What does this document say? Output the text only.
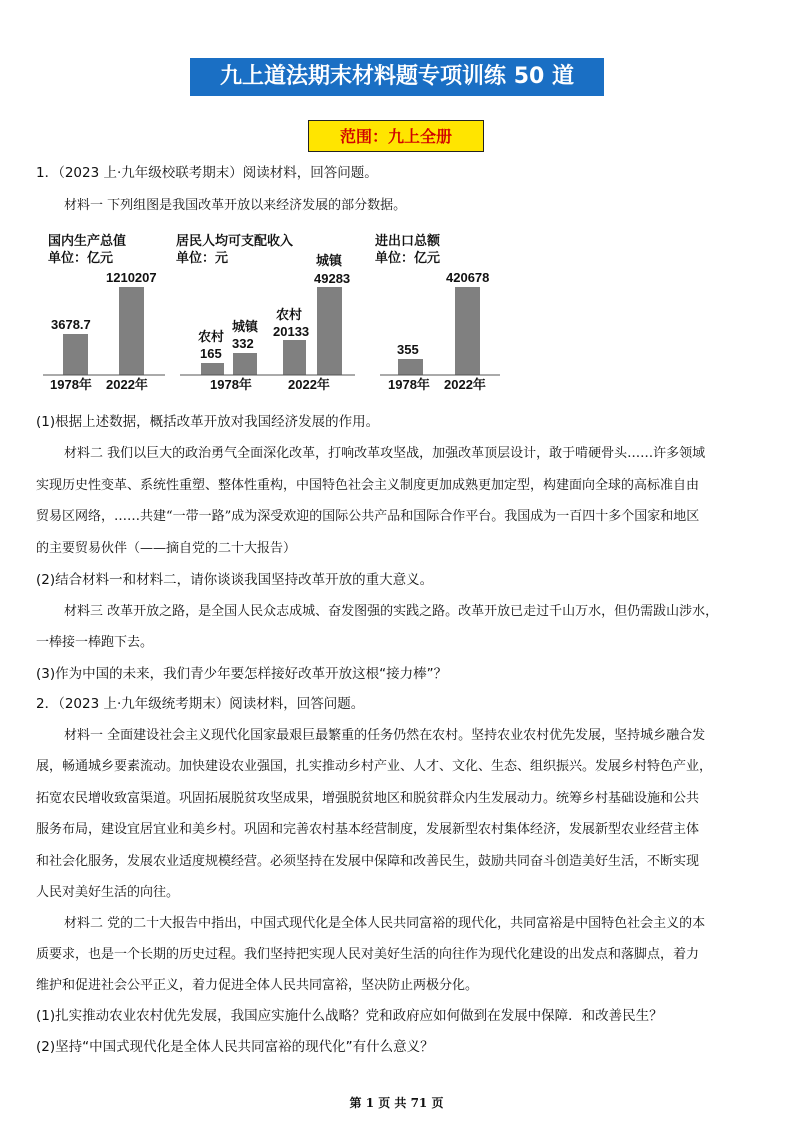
九上道法期末材料题专项训练 50 道
范围：九上全册
1．（2023 上·九年级校联考期末）阅读材料，回答问题。
材料一 下列组图是我国改革开放以来经济发展的部分数据。
国内生产总值
单位：亿元
3678.7
1210207
1978年 2022年
居民人均可支配收入
单位：元
农村
165
城镇
332
农村
20133
城镇
49283
1978年	2022年
进出口总额
单位：亿元
355
420678
1978年 2022年
(1)根据上述数据，概括改革开放对我国经济发展的作用。
材料二 我们以巨大的政治勇气全面深化改革，打响改革攻坚战，加强改革顶层设计，敢于啃硬骨头……许多领域
实现历史性变革、系统性重塑、整体性重构，中国特色社会主义制度更加成熟更加定型，构建面向全球的高标准自由
贸易区网络，……共建“一带一路”成为深受欢迎的国际公共产品和国际合作平台。我国成为一百四十多个国家和地区
的主要贸易伙伴（——摘自党的二十大报告）
(2)结合材料一和材料二，请你谈谈我国坚持改革开放的重大意义。
材料三 改革开放之路，是全国人民众志成城、奋发图强的实践之路。改革开放已走过千山万水，但仍需跋山涉水，
一棒接一棒跑下去。
(3)作为中国的未来，我们青少年要怎样接好改革开放这根“接力棒”？
2．（2023 上·九年级统考期末）阅读材料，回答问题。
材料一 全面建设社会主义现代化国家最艰巨最繁重的任务仍然在农村。坚持农业农村优先发展，坚持城乡融合发
展，畅通城乡要素流动。加快建设农业强国，扎实推动乡村产业、人才、文化、生态、组织振兴。发展乡村特色产业，
拓宽农民增收致富渠道。巩固拓展脱贫攻坚成果，增强脱贫地区和脱贫群众内生发展动力。统筹乡村基础设施和公共
服务布局，建设宜居宜业和美乡村。巩固和完善农村基本经营制度，发展新型农村集体经济，发展新型农业经营主体
和社会化服务，发展农业适度规模经营。必须坚持在发展中保障和改善民生，鼓励共同奋斗创造美好生活，不断实现
人民对美好生活的向往。
材料二 党的二十大报告中指出，中国式现代化是全体人民共同富裕的现代化，共同富裕是中国特色社会主义的本
质要求，也是一个长期的历史过程。我们坚持把实现人民对美好生活的向往作为现代化建设的出发点和落脚点，着力
维护和促进社会公平正义，着力促进全体人民共同富裕，坚决防止两极分化。
(1)扎实推动农业农村优先发展，我国应实施什么战略？党和政府应如何做到在发展中保障．和改善民生？
(2)坚持“中国式现代化是全体人民共同富裕的现代化”有什么意义？
第 1 页 共 71 页
